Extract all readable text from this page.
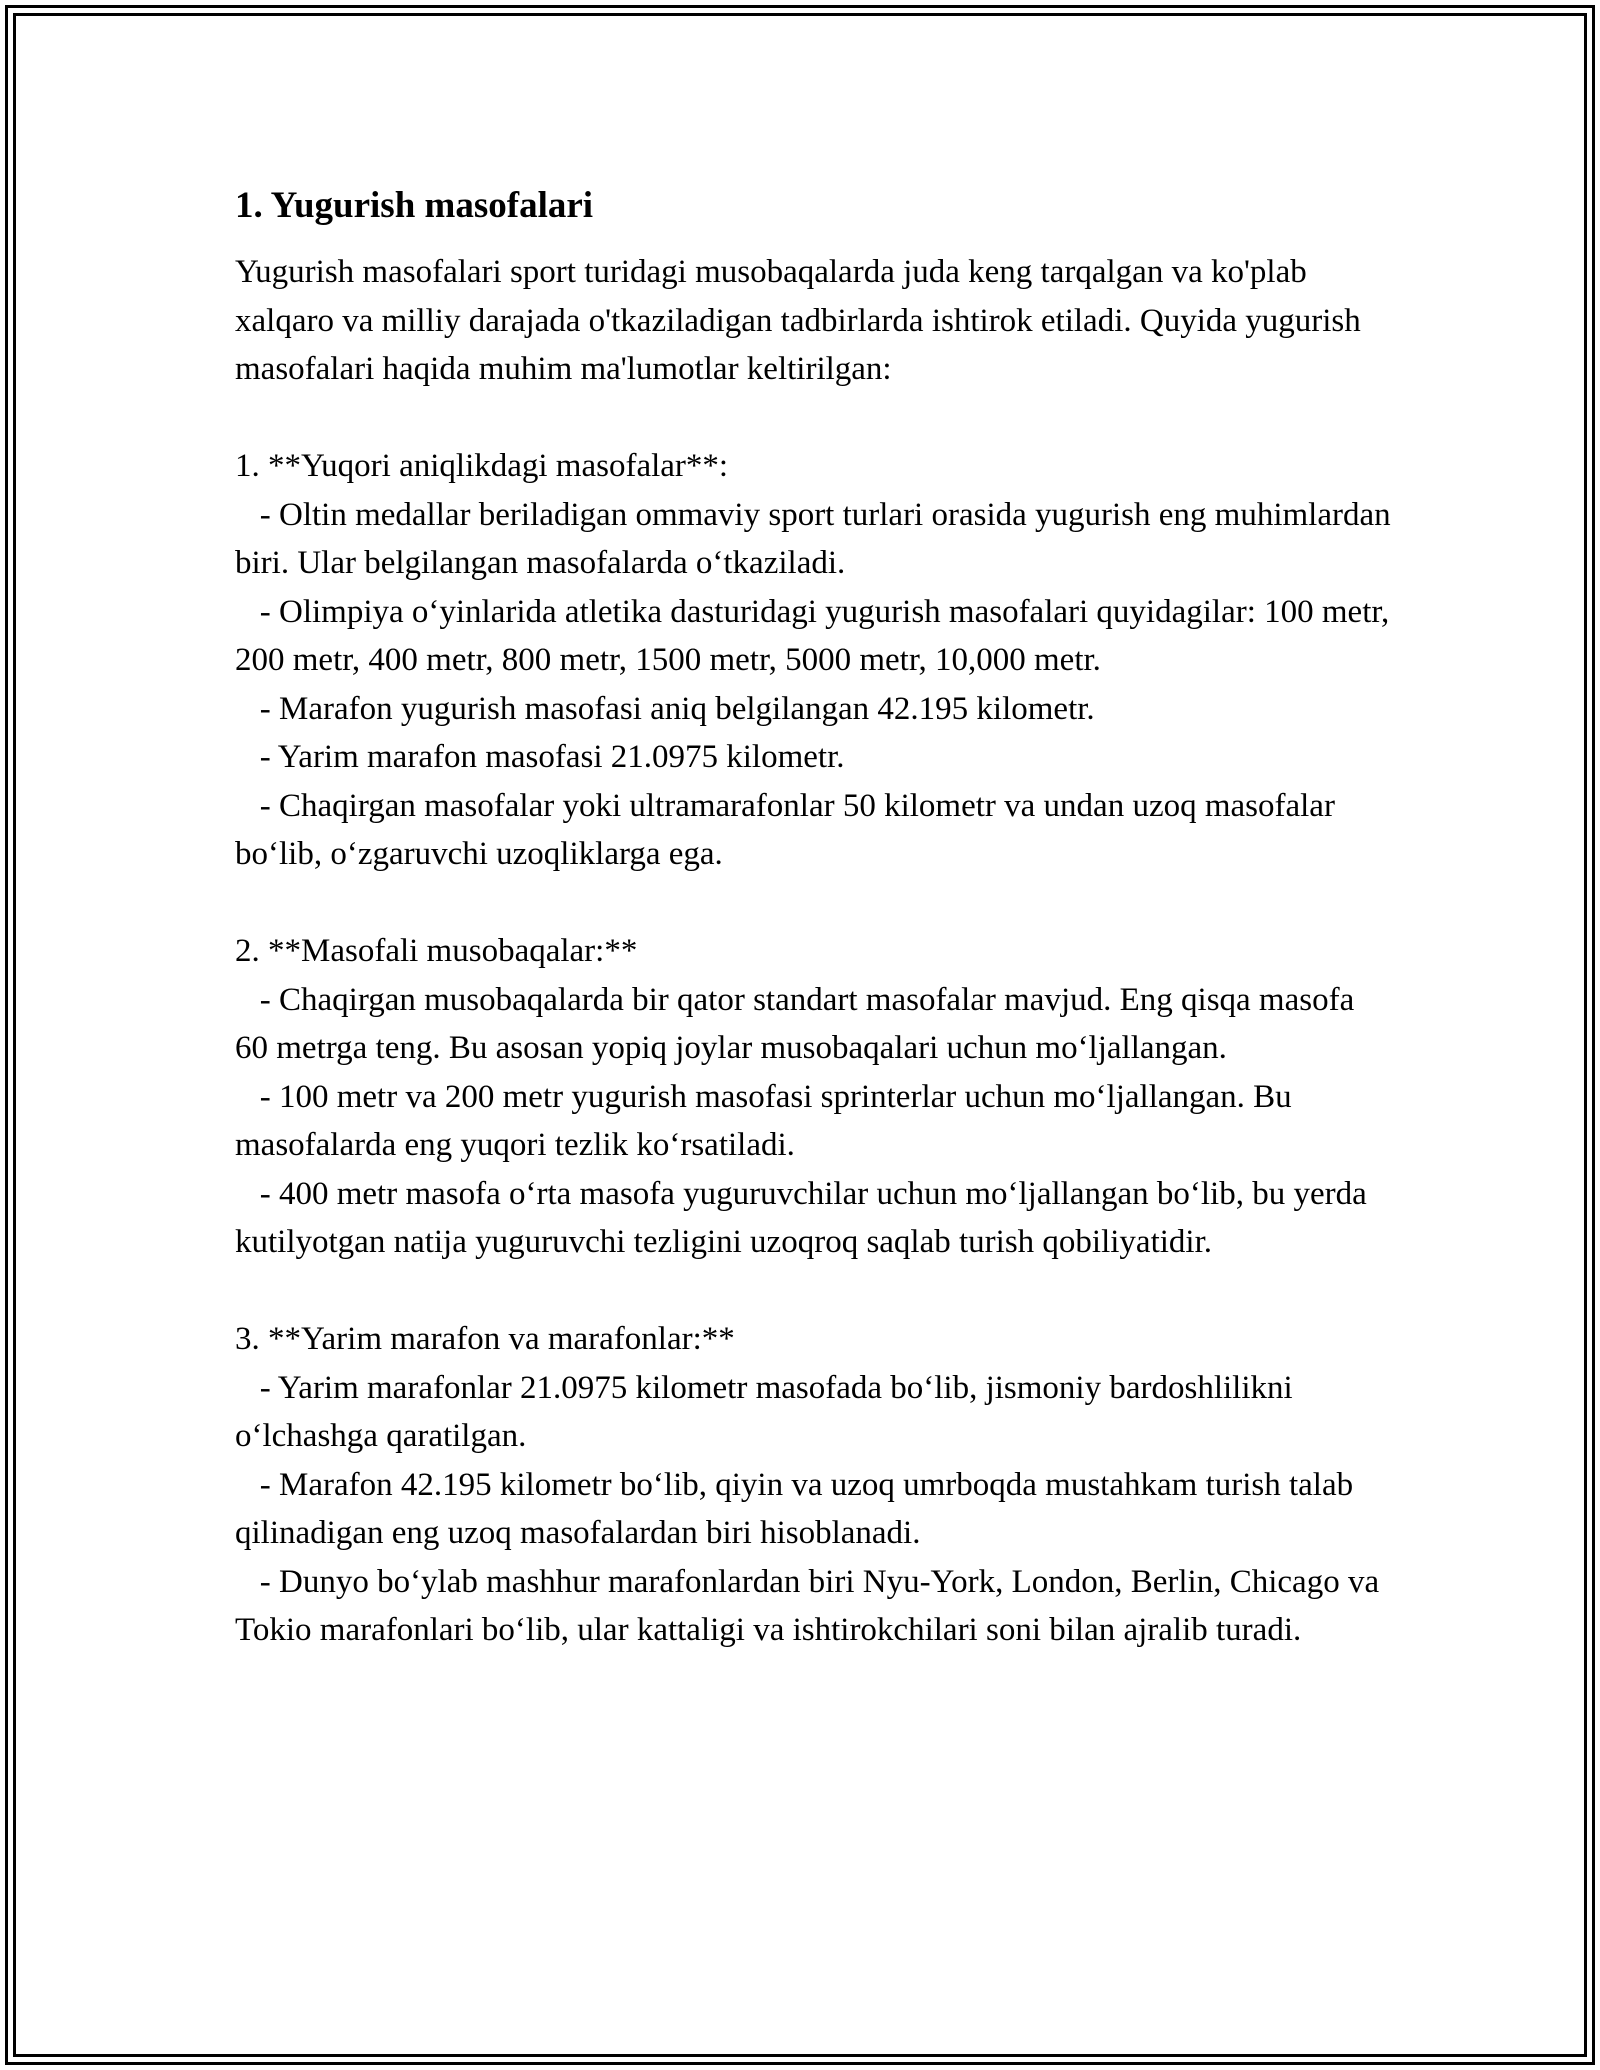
1. Yugurish masofalari

Yugurish masofalari sport turidagi musobaqalarda juda keng tarqalgan va ko'plab xalqaro va milliy darajada o'tkaziladigan tadbirlarda ishtirok etiladi. Quyida yugurish masofalari haqida muhim ma'lumotlar keltirilgan:

1. **Yuqori aniqlikdagi masofalar**:

- Oltin medallar beriladigan ommaviy sport turlari orasida yugurish eng muhimlardan biri. Ular belgilangan masofalarda o‘tkaziladi.

- Olimpiya o‘yinlarida atletika dasturidagi yugurish masofalari quyidagilar: 100 metr, 200 metr, 400 metr, 800 metr, 1500 metr, 5000 metr, 10,000 metr.

- Marafon yugurish masofasi aniq belgilangan 42.195 kilometr.

- Yarim marafon masofasi 21.0975 kilometr.

- Chaqirgan masofalar yoki ultramarafonlar 50 kilometr va undan uzoq masofalar bo‘lib, o‘zgaruvchi uzoqliklarga ega.

2. **Masofali musobaqalar:**

- Chaqirgan musobaqalarda bir qator standart masofalar mavjud. Eng qisqa masofa 60 metrga teng. Bu asosan yopiq joylar musobaqalari uchun mo‘ljallangan.

- 100 metr va 200 metr yugurish masofasi sprinterlar uchun mo‘ljallangan. Bu masofalarda eng yuqori tezlik ko‘rsatiladi.

- 400 metr masofa o‘rta masofa yuguruvchilar uchun mo‘ljallangan bo‘lib, bu yerda kutilyotgan natija yuguruvchi tezligini uzoqroq saqlab turish qobiliyatidir.

3. **Yarim marafon va marafonlar:**

- Yarim marafonlar 21.0975 kilometr masofada bo‘lib, jismoniy bardoshlilikni o‘lchashga qaratilgan.

- Marafon 42.195 kilometr bo‘lib, qiyin va uzoq umrboqda mustahkam turish talab qilinadigan eng uzoq masofalardan biri hisoblanadi.

- Dunyo bo‘ylab mashhur marafonlardan biri Nyu-York, London, Berlin, Chicago va Tokio marafonlari bo‘lib, ular kattaligi va ishtirokchilari soni bilan ajralib turadi.
